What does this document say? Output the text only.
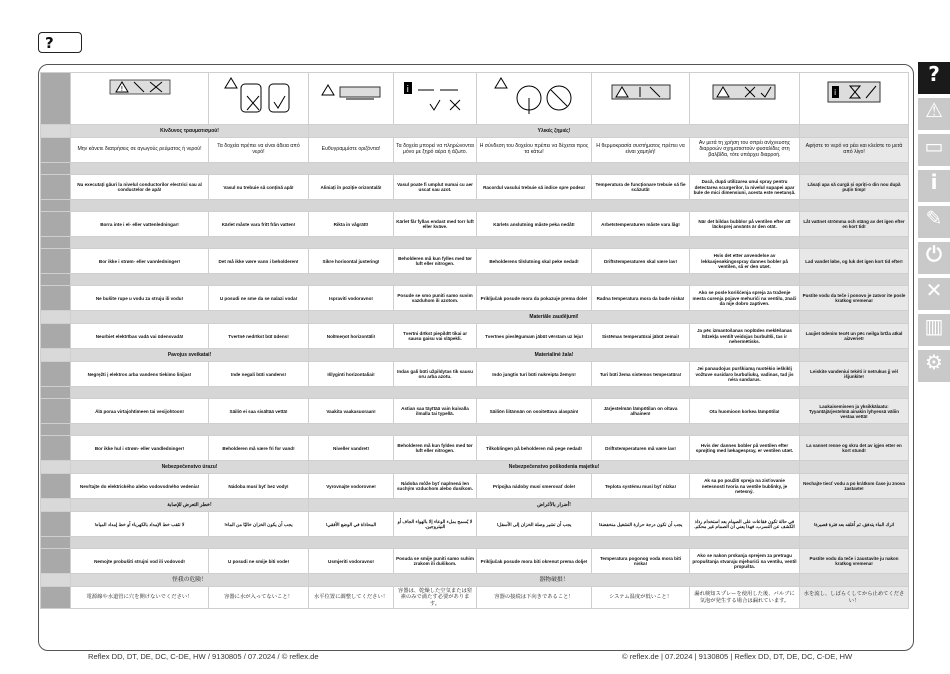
?

!			i				i

	Κίνδυνος τραυματισμού!		Υλικές ζημιές!					
	Μην κάνετε διατρήσεις σε αγωγούς ρεύματος ή νερού!	Τα δοχεία πρέπει να είναι άδεια από νερό!	Ευθυγραμμίστε οριζόντια!	Τα δοχεία μπορεί να πληρώνονται μόνο με ξηρό αέρα ή άζωτο.	Η σύνδεση του δοχείου πρέπει να δέχεται προς τα κάτω!	Η θερμοκρασία συστήματος πρέπει να είναι χαμηλή!	Αν μετά τη χρήση του σπρέι ανίχνευσης διαρροών σχηματιστούν φυσαλίδες στη βαλβίδα, τότε υπάρχει διαρροή.	Αφήστε το νερό να ρέει και κλείστε το μετά από λίγο!

	Nu executați găuri la nivelul conductorilor electrici sau al conductelor de apă!	Vasul nu trebuie să conțină apă!	Aliniați în poziție orizontală!	Vasul poate fi umplut numai cu aer uscat sau azot.	Racordul vasului trebuie să indice spre podea!	Temperatura de funcționare trebuie să fie scăzută!	Dacă, după utilizarea unui spray pentru detectarea scurgerilor, la nivelul supapei apar bule de mici dimensiuni, acesta este neetanșă.	Lăsați apa să curgă și opriți-o din nou după puțin timp!

	Borra inte i el- eller vattenledningar!	Kärlet måste vara fritt från vatten!	Rikta in vågrätt!	Kärlet får fyllas endast med torr luft eller kväve.	Kärlets anslutning måste peka nedåt!	Arbetstemperaturen måste vara låg!	När det bildas bubblor på ventilen efter att läcksprej använts är den otät.	Låt vattnet strömma och stäng av det igen efter en kort tid!

	Bor ikke i strøm- eller vannledninger!	Det må ikke være vann i beholderen!	Sikre horisontal justering!	Beholderen må kun fylles med tør luft eller nitrogen.	Beholderens tilslutning skal peke nedad!	Driftstemperaturen skal være lav!	Hvis det etter anvendelse av lekkasjesøkingsspray dannes bobler på ventilen, så er den utæt.	Lad vandet løbe, og luk det igen kort tid efter!

	Ne bušite rupe u vodu za struju ili vodu!	U posudi ne sme da se nalazi voda!	Ispraviti vodoravno!	Posude se smo puniti samo suvim vazduhom ili azotom.	Priključak posude mora da pokazuje prema dole!	Radna temperatura mora da bude niska!	Ako se posle korišćenja spreja za traženje mesta curenja pojave mehurići na ventilu, znači da nije dobro zaptiven.	Pustite vodu da teče i ponovo je zatvor ite posle kratkog vremena!
			Materiāle zaudējumi!					
	Neurbiet elektrības vadā vai ūdensvadā!	Tvertnē nedrīkst būt ūdens!	Nolīmeņot horizontāli!	Tvertni drīkst piepildīt tikai ar sausu gaisu vai slāpekli.	Tvertnes pieslēgumam jābūt vērstam uz leju!	Sistēmas temperatūrai jābūt zemai!	Ja pēc izmantošanas noplūdes meklēšanas līdzekļa ventilī veidojas burbulīši, tas ir nehermētisks.	Laujiet ūdenim tecēt un pēc neilga brīža atkal aizveriet!
	Pavojus sveikatai!		Materialinė žala!					
	Negręžti į elektros arba vandens tiekimo linijas!	Inde negali būti vandens!	Išlyginti horizontaliai!	Indas gali būti užpildytas tik sausu oru arba azotu.	Indo jungtis turi būti nukreipta žemyn!	Turi būti žema sistemos temperatūra!	Jei panaudojus purškiamą nuotėkio ieškiklį vožtuve susidaro burbuliukų, vadinas, tad jis nėra sandarus.	Leiskite vandeniui tekėti ir netrukus jį vėl išjunkite!

	Älä poraa virtajohtimeen tai vesijohtoon!	Säiliö ei saa sisältää vettä!	Vaakita vaakasuoraan!	Astian saa täyttää vain kuivalla ilmalla tai typellä.	Säiliön liitännän on osoitettava alaspäin!	Järjestelmän lämpötilan on oltava alhainen!	Ota huomioon korkea lämpötila!	Laukaisemiseen ja yksikkälaatu: Tyyantäjärjestelmä ainakin lyhyessä väliin vestaa vettä!

	Bor ikke hul i strøm- eller vandledninger!	Beholderen må være fri for vand!	Niveller vandret!	Beholderen må kun fyldes med tør luft eller nitrogen.	Tilkoblingen på beholderen må pege nedad!	Driftstemperaturen må være lav!	Hvis der dannes bobler på ventilen efter sprøjting med lækagespray, er ventilen utæt.	La vannet renne og skru det av igjen etter en kort stund!
	Nebezpečenstvo úrazu!		Nebezpečenstvo poškodenia majetku!					
	Nevŕtajte do elektrického alebo vodovodného vedenia!	Nádoba musí byť bez vody!	Vyrovnajte vodorovne!	Nádoba môže byť naplnená len suchým vzduchom alebo dusíkom.	Prípojka nádoby musí smerovať dole!	Teplota systému musí byť nízka!	Ak sa po použití spreja na zisťovanie netesností tvoria na ventile bublinky, je netesný.	Nechajte tiecť vodu a po krátkom čase ju znova zastavte!
	خطر التعرض للإصابة!		أضرار بالأغراض!					
	لا تثقب خط الإمداد بالكهرباء أو خط إمداد المياه!	يجب أن يكون الخزان خاليًا من الماء!	المحاذاة في الوضع الأفقي!	لا يُسمح بملء الوعاء إلا بالهواء الجاف أو النيتروجين.	يجب أن تشير وصلة الخزان إلى الأسفل!	يجب أن تكون درجة حرارة التشغيل منخفضة!	في حالة تكون فقاعات على الصمام بعد استخدام رذاذ الكشف عن التسرب، فهذا يعني أن الصمام غير محكم.	اترك الماء يتدفق، ثم أغلقه بعد فترة قصيرة!

	Nemojte probušiti strujni vod ili vodovod!	U posudi ne smije biti vode!	Usmjeriti vodoravno!	Posuda se smije puniti samo suhim zrakom ili dušikom.	Priključak posude mora biti okrenut prema dolje!	Temperatura pogonog voda mora biti niska!	Ako se nakon prskanja sprejem za pretragu propuštanja stvaraju mjehurići na ventilu, ventil propušta.	Pustite vodu da teče i zaustavite ju nakon kratkog vremena!
	怪我の危険！		器物破損！					
	電源線や水道管に穴を開けないでください！	容器に水が入ってないこと！	水平位置に調整してください！	容器は、乾燥した空気または窒素のみで満たす必要があります。	容器の接続は下向きであること！	システム温度が低いこと！	漏れ検知スプレーを使用した後、バルブに気泡が発生する場合は漏れています。	水を流し、しばらくしてから止めてください！
Reflex DD, DT, DE, DC, C-DE, HW / 9130805 / 07.2024 / © reflex.de	© reflex.de | 07.2024 | 9130805 | Reflex DD, DT, DE, DC, C-DE, HW
?
⚠
▭
i
✎
⏻
✕
▥
⚙
